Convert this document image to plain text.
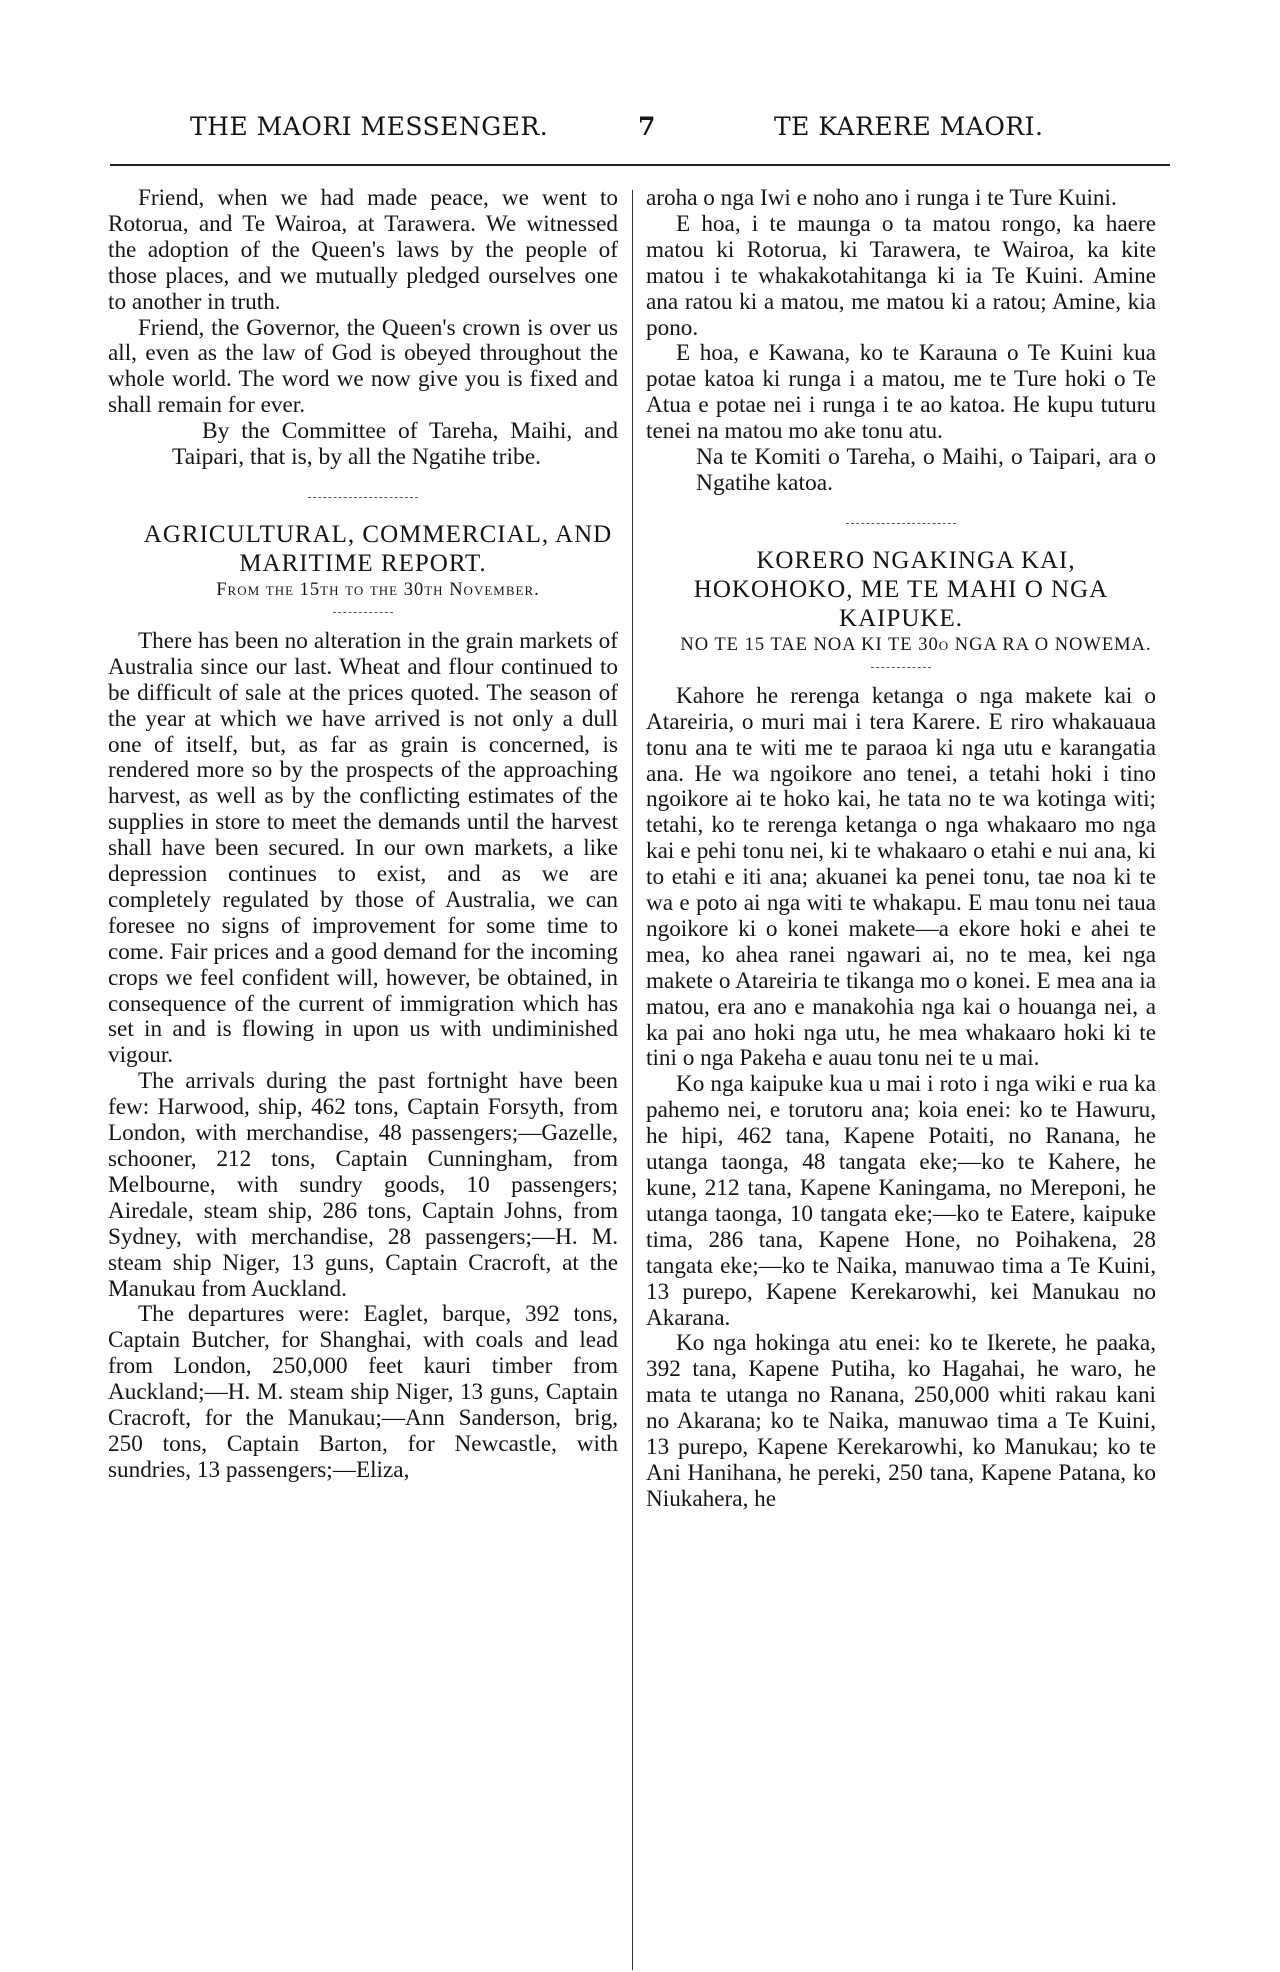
THE MAORI MESSENGER.	7	TE KARERE MAORI.

Friend, when we had made peace, we went to Rotorua, and Te Wairoa, at Tarawera. We witnessed the adoption of the Queen's laws by the people of those places, and we mutually pledged ourselves one to another in truth.

Friend, the Governor, the Queen's crown is over us all, even as the law of God is obeyed throughout the whole world. The word we now give you is fixed and shall remain for ever.

By the Committee of Tareha, Maihi, and Taipari, that is, by all the Ngatihe tribe.

AGRICULTURAL, COMMERCIAL, AND MARITIME REPORT.

From the 15th to the 30th November.

There has been no alteration in the grain markets of Australia since our last. Wheat and flour continued to be difficult of sale at the prices quoted. The season of the year at which we have arrived is not only a dull one of itself, but, as far as grain is concerned, is rendered more so by the prospects of the approaching harvest, as well as by the conflicting estimates of the supplies in store to meet the demands until the harvest shall have been secured. In our own markets, a like depression continues to exist, and as we are completely regulated by those of Australia, we can foresee no signs of improvement for some time to come. Fair prices and a good demand for the incoming crops we feel confident will, however, be obtained, in consequence of the current of immigration which has set in and is flowing in upon us with undiminished vigour.

The arrivals during the past fortnight have been few: Harwood, ship, 462 tons, Captain Forsyth, from London, with merchandise, 48 passengers;—Gazelle, schooner, 212 tons, Captain Cunningham, from Melbourne, with sundry goods, 10 passengers; Airedale, steam ship, 286 tons, Captain Johns, from Sydney, with merchandise, 28 passengers;—H. M. steam ship Niger, 13 guns, Captain Cracroft, at the Manukau from Auckland.

The departures were: Eaglet, barque, 392 tons, Captain Butcher, for Shanghai, with coals and lead from London, 250,000 feet kauri timber from Auckland;—H. M. steam ship Niger, 13 guns, Captain Cracroft, for the Manukau;—Ann Sanderson, brig, 250 tons, Captain Barton, for Newcastle, with sundries, 13 passengers;—Eliza,

aroha o nga Iwi e noho ano i runga i te Ture Kuini.

E hoa, i te maunga o ta matou rongo, ka haere matou ki Rotorua, ki Tarawera, te Wairoa, ka kite matou i te whakakotahitanga ki ia Te Kuini. Amine ana ratou ki a matou, me matou ki a ratou; Amine, kia pono.

E hoa, e Kawana, ko te Karauna o Te Kuini kua potae katoa ki runga i a matou, me te Ture hoki o Te Atua e potae nei i runga i te ao katoa. He kupu tuturu tenei na matou mo ake tonu atu.

Na te Komiti o Tareha, o Maihi, o Taipari, ara o Ngatihe katoa.

KORERO NGAKINGA KAI, HOKOHOKO, ME TE MAHI O NGA KAIPUKE.

NO TE 15 TAE NOA KI TE 30o NGA RA O NOWEMA.

Kahore he rerenga ketanga o nga makete kai o Atareiria, o muri mai i tera Karere. E riro whakauaua tonu ana te witi me te paraoa ki nga utu e karangatia ana. He wa ngoikore ano tenei, a tetahi hoki i tino ngoikore ai te hoko kai, he tata no te wa kotinga witi; tetahi, ko te rerenga ketanga o nga whakaaro mo nga kai e pehi tonu nei, ki te whakaaro o etahi e nui ana, ki to etahi e iti ana; akuanei ka penei tonu, tae noa ki te wa e poto ai nga witi te whakapu. E mau tonu nei taua ngoikore ki o konei makete—a ekore hoki e ahei te mea, ko ahea ranei ngawari ai, no te mea, kei nga makete o Atareiria te tikanga mo o konei. E mea ana ia matou, era ano e manakohia nga kai o houanga nei, a ka pai ano hoki nga utu, he mea whakaaro hoki ki te tini o nga Pakeha e auau tonu nei te u mai.

Ko nga kaipuke kua u mai i roto i nga wiki e rua ka pahemo nei, e torutoru ana; koia enei: ko te Hawuru, he hipi, 462 tana, Kapene Potaiti, no Ranana, he utanga taonga, 48 tangata eke;—ko te Kahere, he kune, 212 tana, Kapene Kaningama, no Mereponi, he utanga taonga, 10 tangata eke;—ko te Eatere, kaipuke tima, 286 tana, Kapene Hone, no Poihakena, 28 tangata eke;—ko te Naika, manuwao tima a Te Kuini, 13 purepo, Kapene Kerekarowhi, kei Manukau no Akarana.

Ko nga hokinga atu enei: ko te Ikerete, he paaka, 392 tana, Kapene Putiha, ko Hagahai, he waro, he mata te utanga no Ranana, 250,000 whiti rakau kani no Akarana; ko te Naika, manuwao tima a Te Kuini, 13 purepo, Kapene Kerekarowhi, ko Manukau; ko te Ani Hanihana, he pereki, 250 tana, Kapene Patana, ko Niukahera, he
